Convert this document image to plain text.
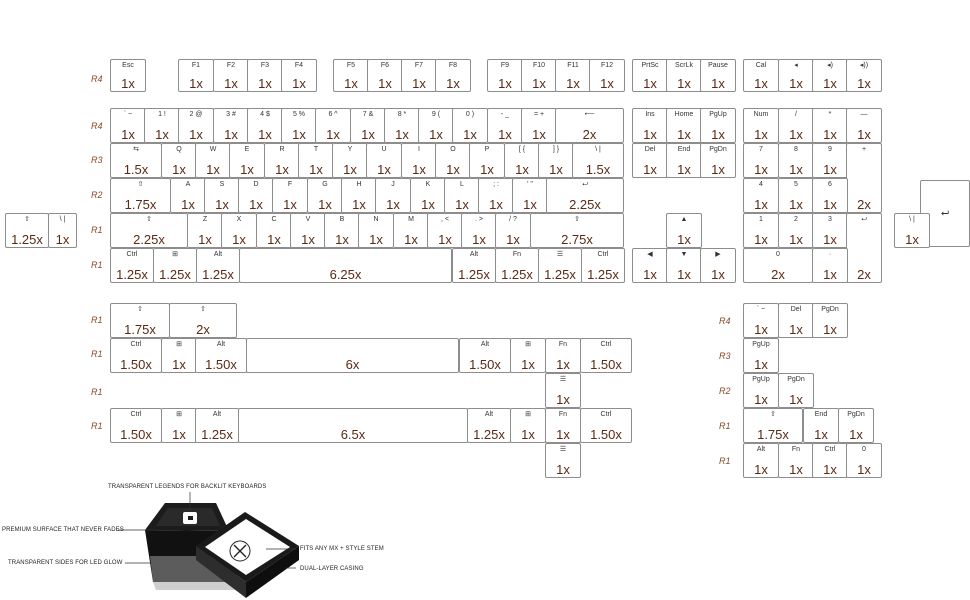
R4
R4
R3
R2
R1
R1
R1
R1
R1
R1
R4
R3
R2
R1
R1
Esc
1x
F1
1x
F2
1x
F3
1x
F4
1x
F5
1x
F6
1x
F7
1x
F8
1x
F9
1x
F10
1x
F11
1x
F12
1x
PrtSc
1x
ScrLk
1x
Pause
1x
Cal
1x
◂
1x
◂)
1x
◂))
1x
` ~
1x
1 !
1x
2 @
1x
3 #
1x
4 $
1x
5 %
1x
6 ^
1x
7 &
1x
8 *
1x
9 (
1x
0 )
1x
- _
1x
= +
1x
⟵
2x
Ins
1x
Home
1x
PgUp
1x
Num
1x
/
1x
*
1x
—
1x
⇆
1.5x
Q
1x
W
1x
E
1x
R
1x
T
1x
Y
1x
U
1x
I
1x
O
1x
P
1x
[ {
1x
] }
1x
\ |
1.5x
Del
1x
End
1x
PgDn
1x
7
1x
8
1x
9
1x
+
2x
⇧
1.75x
A
1x
S
1x
D
1x
F
1x
G
1x
H
1x
J
1x
K
1x
L
1x
; :
1x
' "
1x
⮠
2.25x
4
1x
5
1x
6
1x
⮠
⇧
1.25x
\ |
1x
⇧
2.25x
Z
1x
X
1x
C
1x
V
1x
B
1x
N
1x
M
1x
, <
1x
. >
1x
/ ?
1x
⇧
2.75x
▲
1x
1
1x
2
1x
3
1x
⮠
2x
\ |
1x
Ctrl
1.25x
⊞
1.25x
Alt
1.25x	6.25x
Alt
1.25x
Fn
1.25x
☰
1.25x
Ctrl
1.25x
◀
1x
▼
1x
▶
1x
0
2x
·
1x
⇧
1.75x
⇧
2x
Ctrl
1.50x
⊞
1x
Alt
1.50x	6x
Alt
1.50x
⊞
1x
Fn
1x
Ctrl
1.50x
☰
1x
Ctrl
1.50x
⊞
1x
Alt
1.25x	6.5x
Alt
1.25x
⊞
1x
Fn
1x
Ctrl
1.50x
☰
1x
` ~
1x
Del
1x
PgDn
1x
PgUp
1x
PgUp
1x
PgDn
1x
⇧
1.75x
End
1x
PgDn
1x
Alt
1x
Fn
1x
Ctrl
1x
0
1x
TRANSPARENT LEGENDS FOR BACKLIT KEYBOARDS
PREMIUM SURFACE THAT NEVER FADES
TRANSPARENT SIDES FOR LED GLOW
FITS ANY MX + STYLE STEM
DUAL-LAYER CASING
